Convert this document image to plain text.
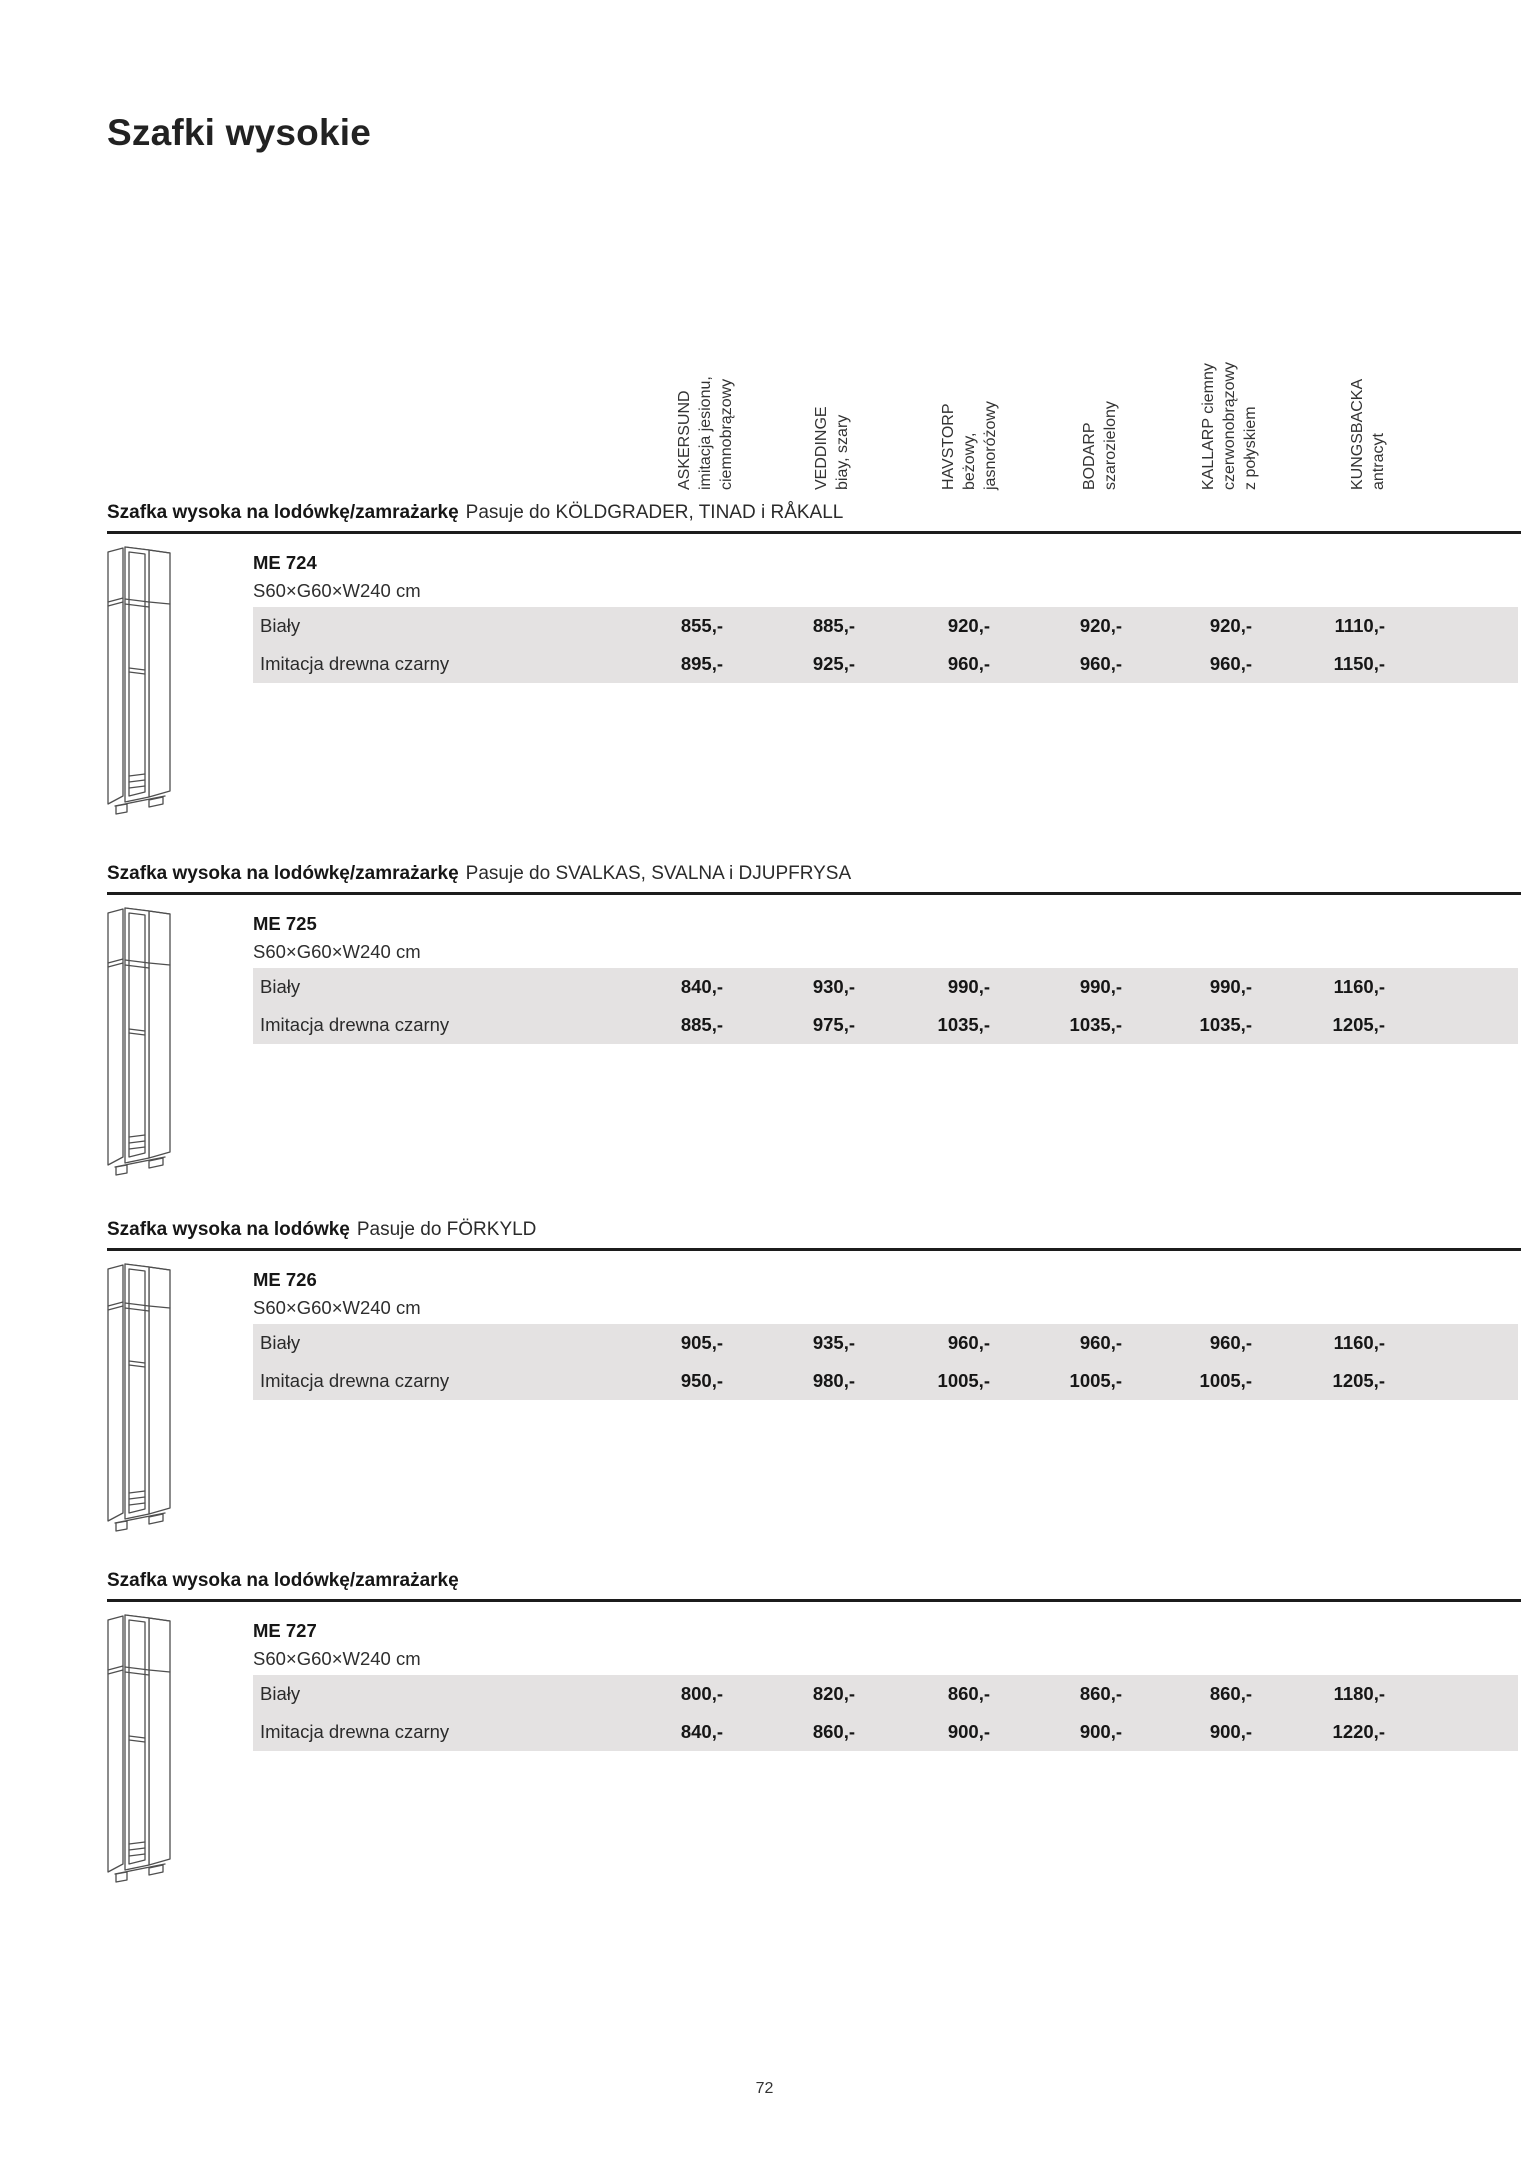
Szafki wysokie
ASKERSUND imitacja jesionu, ciemnobrązowy	VEDDINGE biay, szary	HAVSTORP beżowy, jasnoróżowy	BODARP szarozielony	KALLARP ciemny czerwonobrązowy z połyskiem	KUNGSBACKA antracyt
Szafka wysoka na lodówkę/zamrażarkę Pasuje do KÖLDGRADER, TINAD i RÅKALL
ME 724
S60×G60×W240 cm
Biały	855,-	885,-	920,-	920,-	920,-	1110,-
Imitacja drewna czarny	895,-	925,-	960,-	960,-	960,-	1150,-
Szafka wysoka na lodówkę/zamrażarkę Pasuje do SVALKAS, SVALNA i DJUPFRYSA
ME 725
S60×G60×W240 cm
Biały	840,-	930,-	990,-	990,-	990,-	1160,-
Imitacja drewna czarny	885,-	975,-	1035,-	1035,-	1035,-	1205,-
Szafka wysoka na lodówkę Pasuje do FÖRKYLD
ME 726
S60×G60×W240 cm
Biały	905,-	935,-	960,-	960,-	960,-	1160,-
Imitacja drewna czarny	950,-	980,-	1005,-	1005,-	1005,-	1205,-
Szafka wysoka na lodówkę/zamrażarkę
ME 727
S60×G60×W240 cm
Biały	800,-	820,-	860,-	860,-	860,-	1180,-
Imitacja drewna czarny	840,-	860,-	900,-	900,-	900,-	1220,-
72
